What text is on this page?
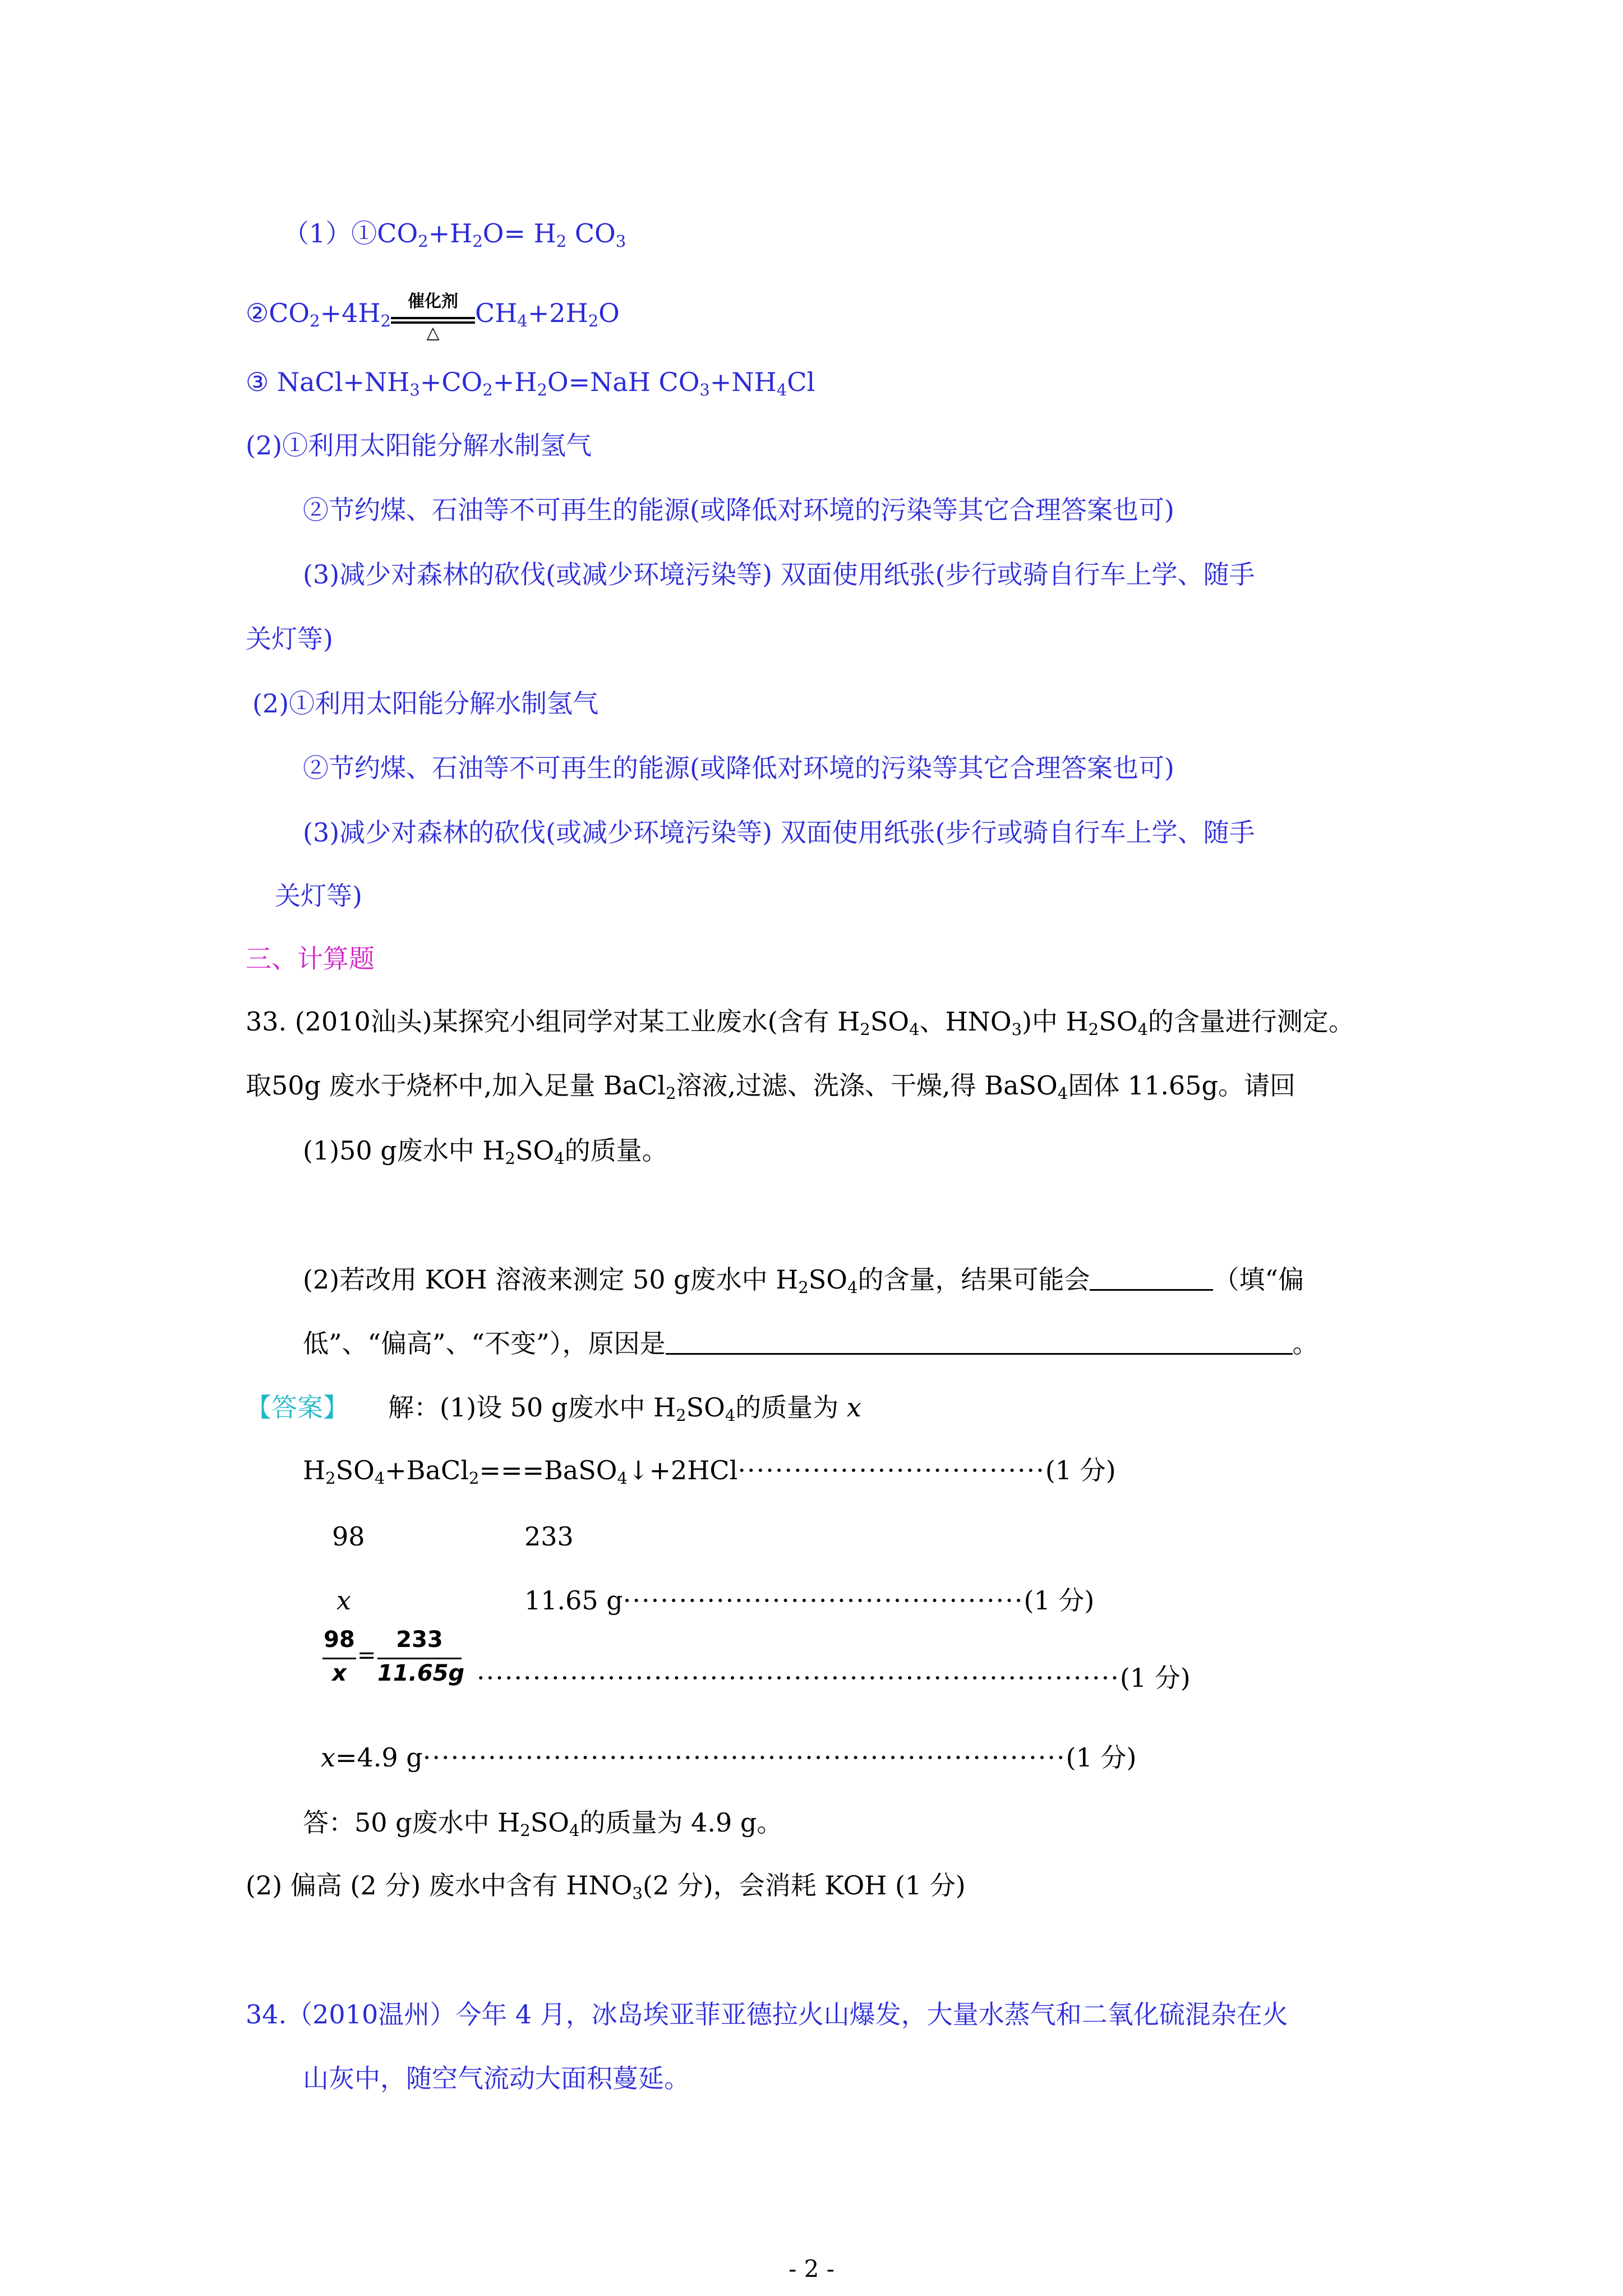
$(1)①CO_2+H_2O= H_2$ $CO_3$
$②CO_2+4H_2$
催化剂
△
$CH_4+2H_2O$
③ $NaCl+NH_3+CO_2+H_2O=NaH$ $CO_3+NH_4Cl$
(2)①利用太阳能分解水制氢气
②节约煤、石油等不可再生的能源(或降低对环境的污染等其它合理答案也可)
(3)减少对森林的砍伐(或减少环境污染等) 双面使用纸张(步行或骑自行车上学、随手
关灯等)
(2)①利用太阳能分解水制氢气
②节约煤、石油等不可再生的能源(或降低对环境的污染等其它合理答案也可)
(3)减少对森林的砍伐(或减少环境污染等) 双面使用纸张(步行或骑自行车上学、随手
关灯等)
三、计算题
33. (2010汕头)某探究小组同学对某工业废水(含有 $H_2SO_4$、$HNO_3$)中 $H_2SO_4$的含量进行测定。
取50g 废水于烧杯中,加入足量 BaCl$_2$溶液,过滤、洗涤、干燥,得 BaSO$_4$固体 11.65g。请回
(1)50 g废水中 $H_2SO_4$的质量。
(2)若改用 KOH 溶液来测定 50 g废水中 $H_2SO_4$的含量，结果可能会	（填“偏
低”、“偏高”、“不变”），原因是	。
【答案】 解：(1)设 50 g废水中 $H_2SO_4$的质量为 x
$H_2SO_4+BaCl_2===BaSO_4↓+2HCl\cdot\cdot\cdot\cdot\cdot\cdot\cdot\cdot\cdot\cdot\cdot\cdot\cdot\cdot\cdot\cdot\cdot\cdot\cdot\cdot\cdot\cdot\cdot\cdot\cdot\cdot\cdot\cdot\cdot\cdot\cdot\cdot\cdot(1$ 分)
98	233
x	11.65 g···········································(1 分)
98
x
=
233
11.65g ·····································································(1 分)
x=4.9 g·····································································(1 分)
答：50 g废水中 $H_2SO_4$的质量为 4.9 g。
(2) 偏高 (2 分) 废水中含有 $HNO_3(2$ 分)，会消耗 KOH (1 分)
34.（2010温州）今年 4 月，冰岛埃亚菲亚德拉火山爆发，大量水蒸气和二氧化硫混杂在火
山灰中，随空气流动大面积蔓延。
- 2 -
